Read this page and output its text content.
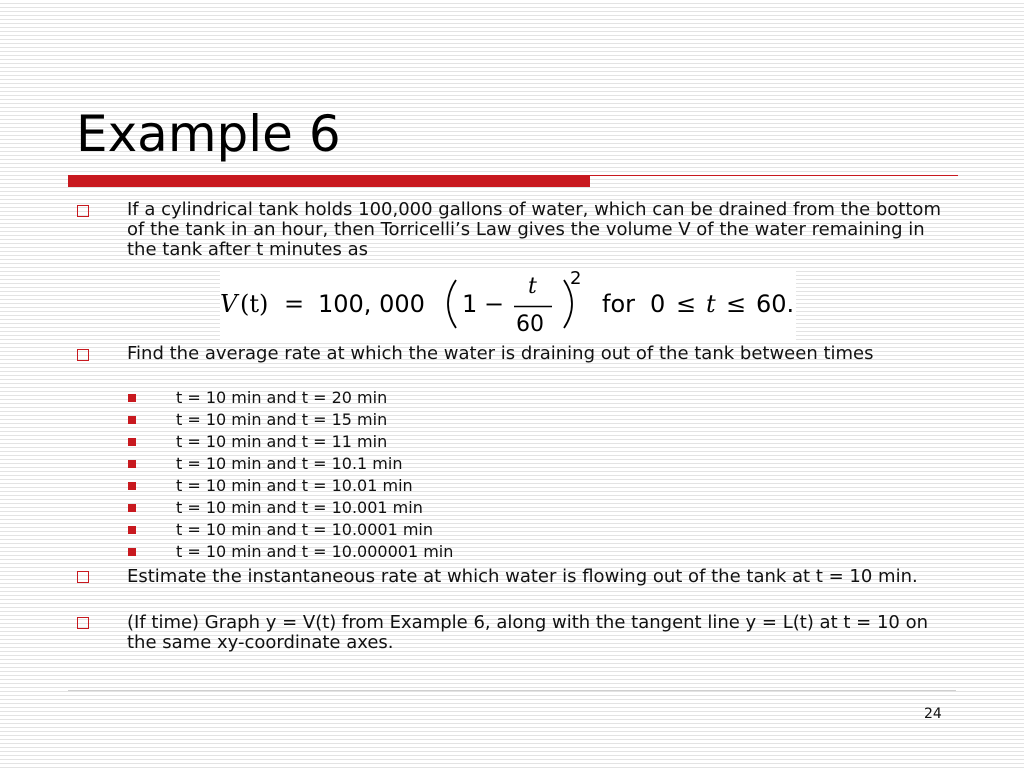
Example 6
If a cylindrical tank holds 100,000 gallons of water, which can be drained from the bottom of the tank in an hour, then Torricelli’s Law gives the volume V of the water remaining in the tank after t minutes as
V (t) = 100, 000 1 −
t
60
2
for 0 ≤ t ≤ 60.
Find the average rate at which the water is draining out of the tank between times
t = 10 min and t = 20 min
t = 10 min and t = 15 min
t = 10 min and t = 11 min
t = 10 min and t = 10.1 min
t = 10 min and t = 10.01 min
t = 10 min and t = 10.001 min
t = 10 min and t = 10.0001 min
t = 10 min and t = 10.000001 min
Estimate the instantaneous rate at which water is flowing out of the tank at t = 10 min.
(If time) Graph y = V(t) from Example 6, along with the tangent line y = L(t) at t = 10 on the same xy-coordinate axes.
24
